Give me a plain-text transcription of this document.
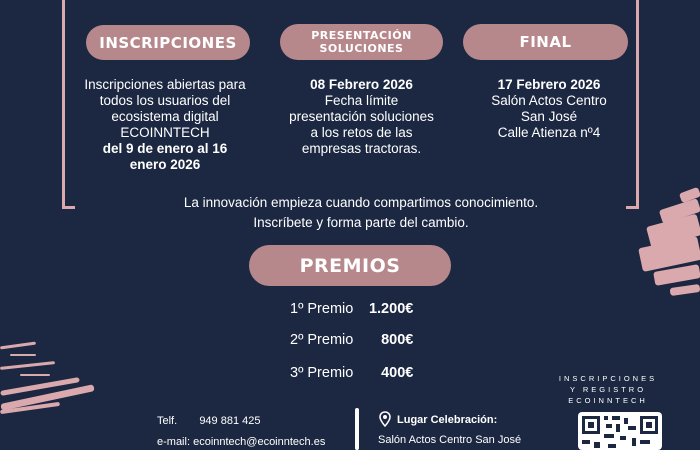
INSCRIPCIONES	PRESENTACIÓN
SOLUCIONES	FINAL
Inscripciones abiertas para
todos los usuarios del
ecosistema digital
ECOINNTECH
del 9 de enero al 16
enero 2026
08 Febrero 2026
Fecha límite
presentación soluciones
a los retos de las
empresas tractoras.
17 Febrero 2026
Salón Actos Centro
San José
Calle Atienza nº4
La innovación empieza cuando compartimos conocimiento.
Inscríbete y forma parte del cambio.
PREMIOS
1º Premio 1.200€
2º Premio 800€
3º Premio 400€
Telf. 949 881 425
e-mail: ecoinntech@ecoinntech.es
Lugar Celebración:
Salón Actos Centro San José
INSCRIPCIONES
Y REGISTRO
ECOINNTECH
